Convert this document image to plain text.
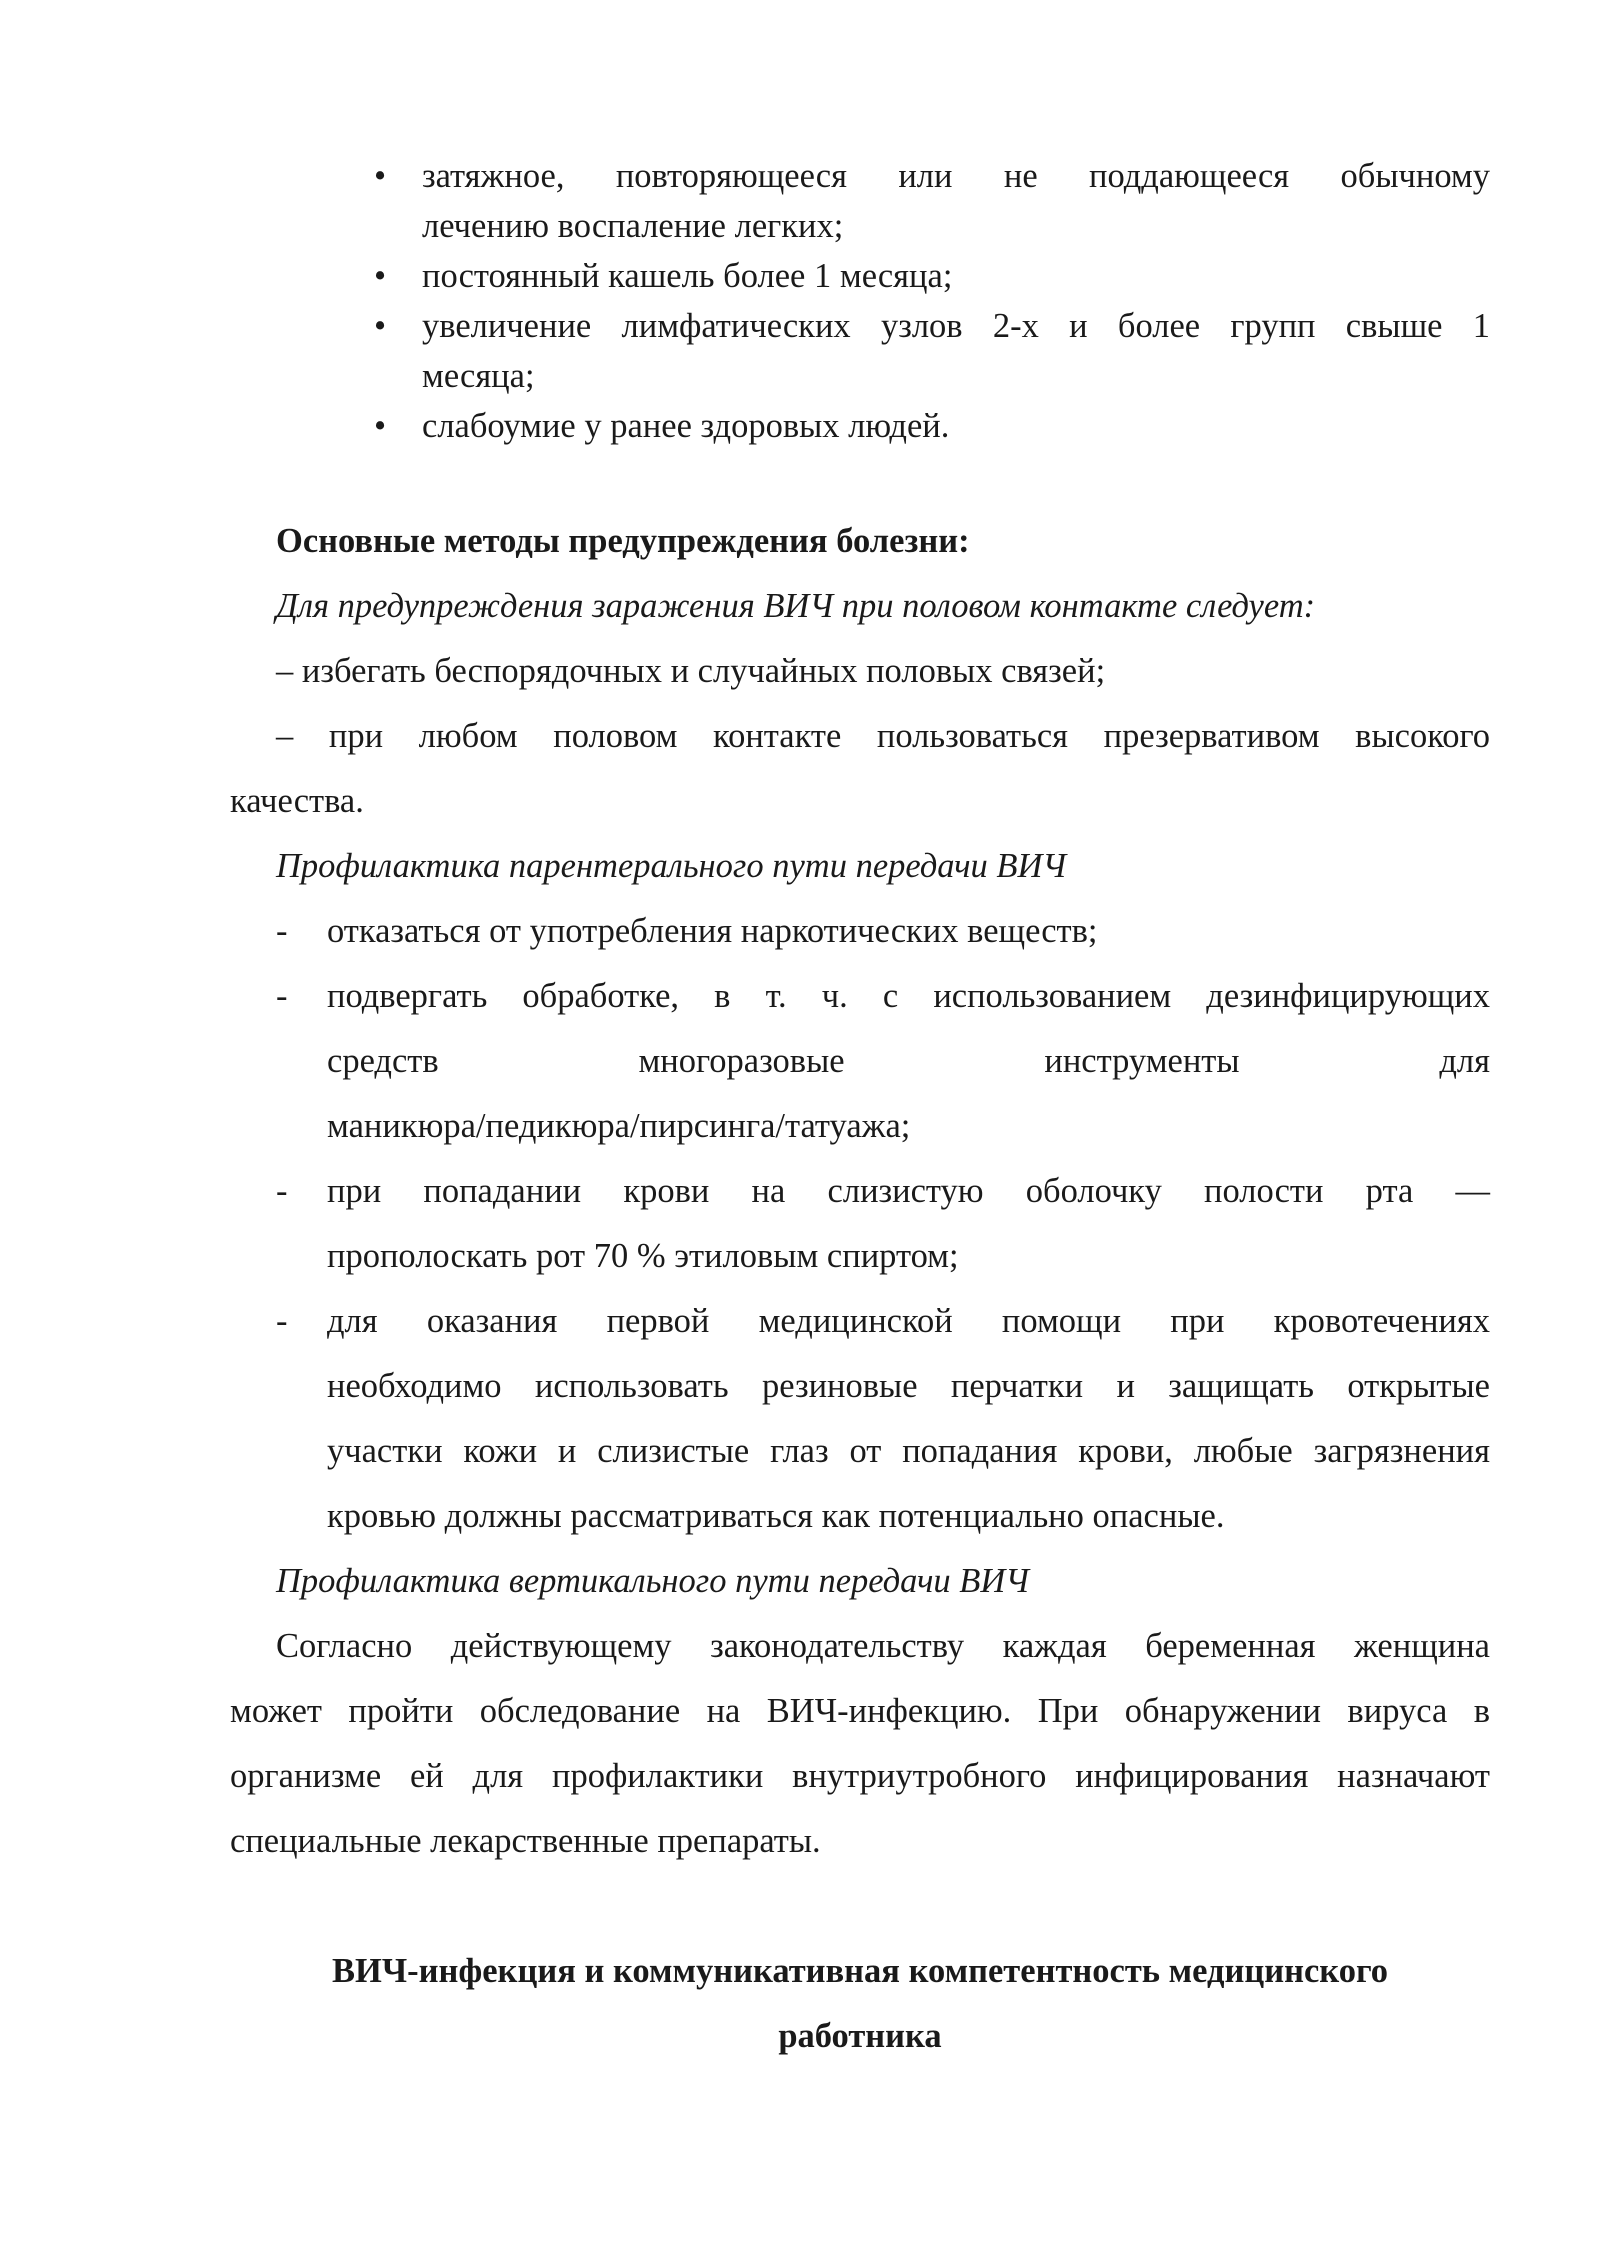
• затяжное, повторяющееся или не поддающееся обычному
лечению воспаление легких;
• постоянный кашель более 1 месяца;
• увеличение лимфатических узлов 2-х и более групп свыше 1
месяца;
• слабоумие у ранее здоровых людей.
Основные методы предупреждения болезни:
Для предупреждения заражения ВИЧ при половом контакте следует:
– избегать беспорядочных и случайных половых связей;
– при любом половом контакте пользоваться презервативом высокого
качества.
Профилактика парентерального пути передачи ВИЧ
- отказаться от употребления наркотических веществ;
- подвергать обработке, в т. ч. с использованием дезинфицирующих
средств многоразовые инструменты для
маникюра/педикюра/пирсинга/татуажа;
- при попадании крови на слизистую оболочку полости рта —
прополоскать рот 70 % этиловым спиртом;
- для оказания первой медицинской помощи при кровотечениях
необходимо использовать резиновые перчатки и защищать открытые
участки кожи и слизистые глаз от попадания крови, любые загрязнения
кровью должны рассматриваться как потенциально опасные.
Профилактика вертикального пути передачи ВИЧ
Согласно действующему законодательству каждая беременная женщина
может пройти обследование на ВИЧ-инфекцию. При обнаружении вируса в
организме ей для профилактики внутриутробного инфицирования назначают
специальные лекарственные препараты.
ВИЧ-инфекция и коммуникативная компетентность медицинского
работника
